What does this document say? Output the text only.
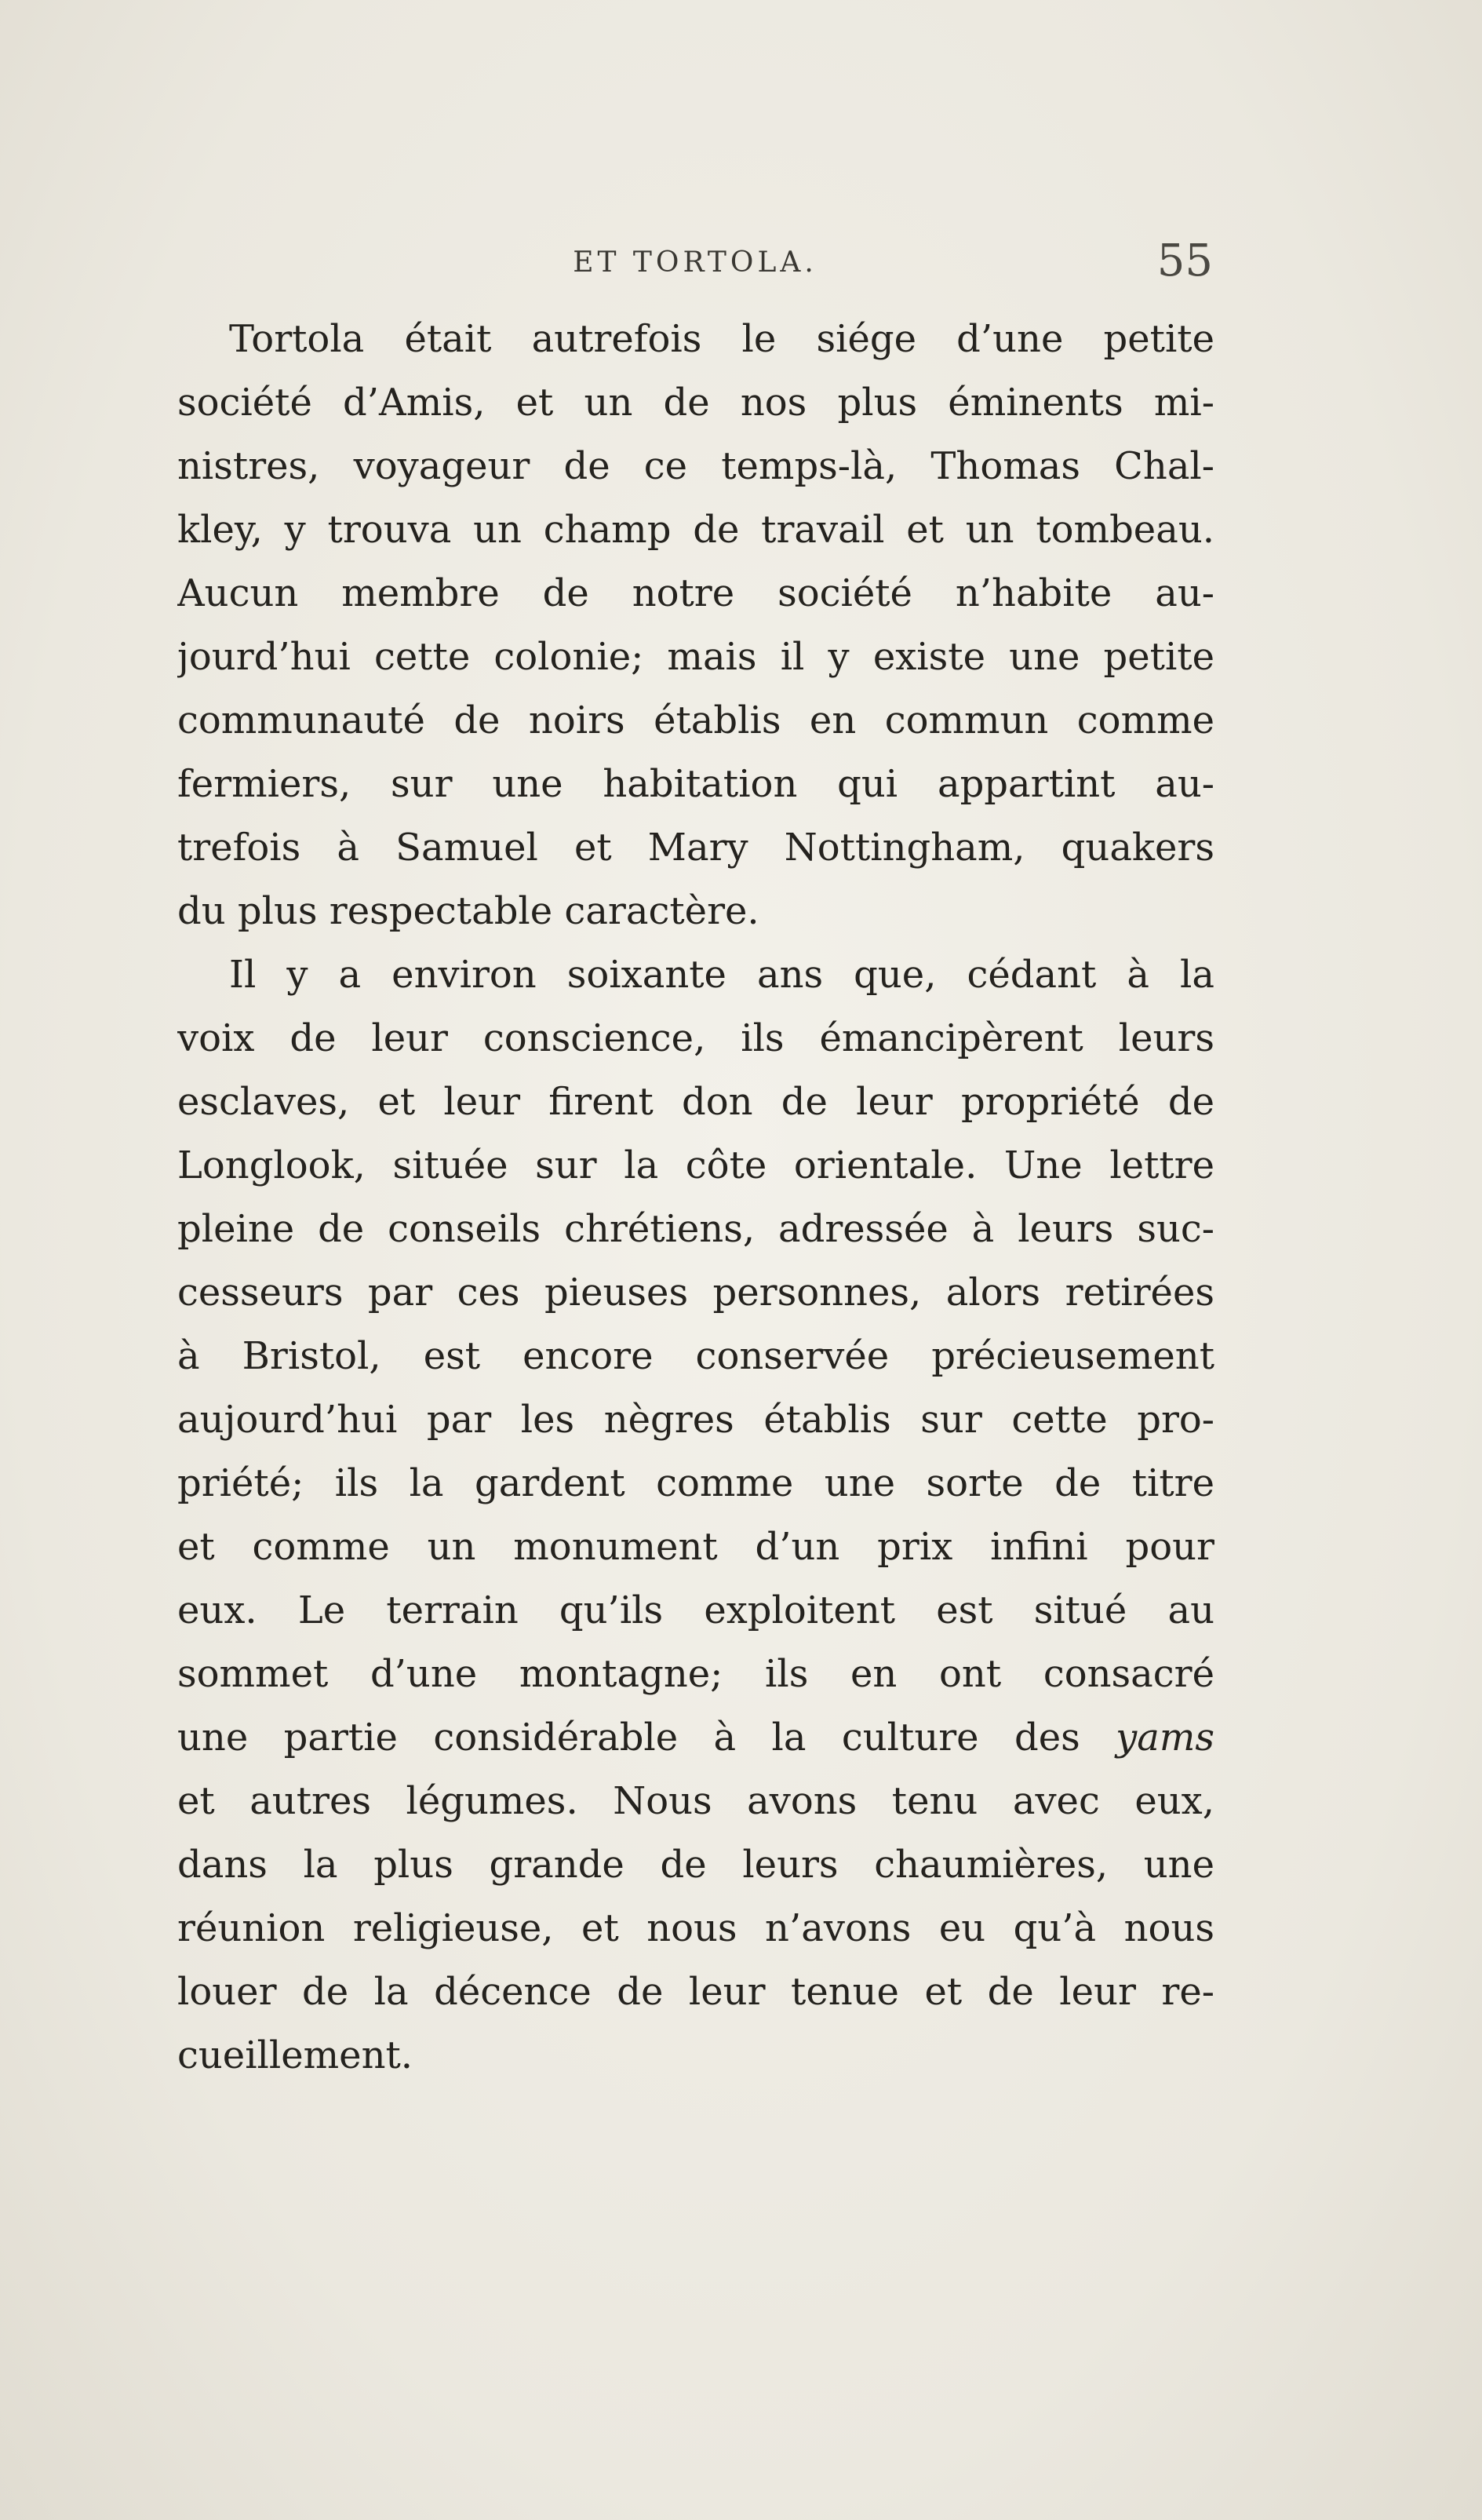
ET TORTOLA.	55

Tortola était autrefois le siége d’une petite
société d’Amis, et un de nos plus éminents mi-
nistres, voyageur de ce temps-là, Thomas Chal-
kley, y trouva un champ de travail et un tombeau.
Aucun membre de notre société n’habite au-
jourd’hui cette colonie; mais il y existe une petite
communauté de noirs établis en commun comme
fermiers, sur une habitation qui appartint au-
trefois à Samuel et Mary Nottingham, quakers
du plus respectable caractère.

Il y a environ soixante ans que, cédant à la
voix de leur conscience, ils émancipèrent leurs
esclaves, et leur firent don de leur propriété de
Longlook, située sur la côte orientale. Une lettre
pleine de conseils chrétiens, adressée à leurs suc-
cesseurs par ces pieuses personnes, alors retirées
à Bristol, est encore conservée précieusement
aujourd’hui par les nègres établis sur cette pro-
priété; ils la gardent comme une sorte de titre
et comme un monument d’un prix infini pour
eux. Le terrain qu’ils exploitent est situé au
sommet d’une montagne; ils en ont consacré
une partie considérable à la culture des yams
et autres légumes. Nous avons tenu avec eux,
dans la plus grande de leurs chaumières, une
réunion religieuse, et nous n’avons eu qu’à nous
louer de la décence de leur tenue et de leur re-
cueillement.
